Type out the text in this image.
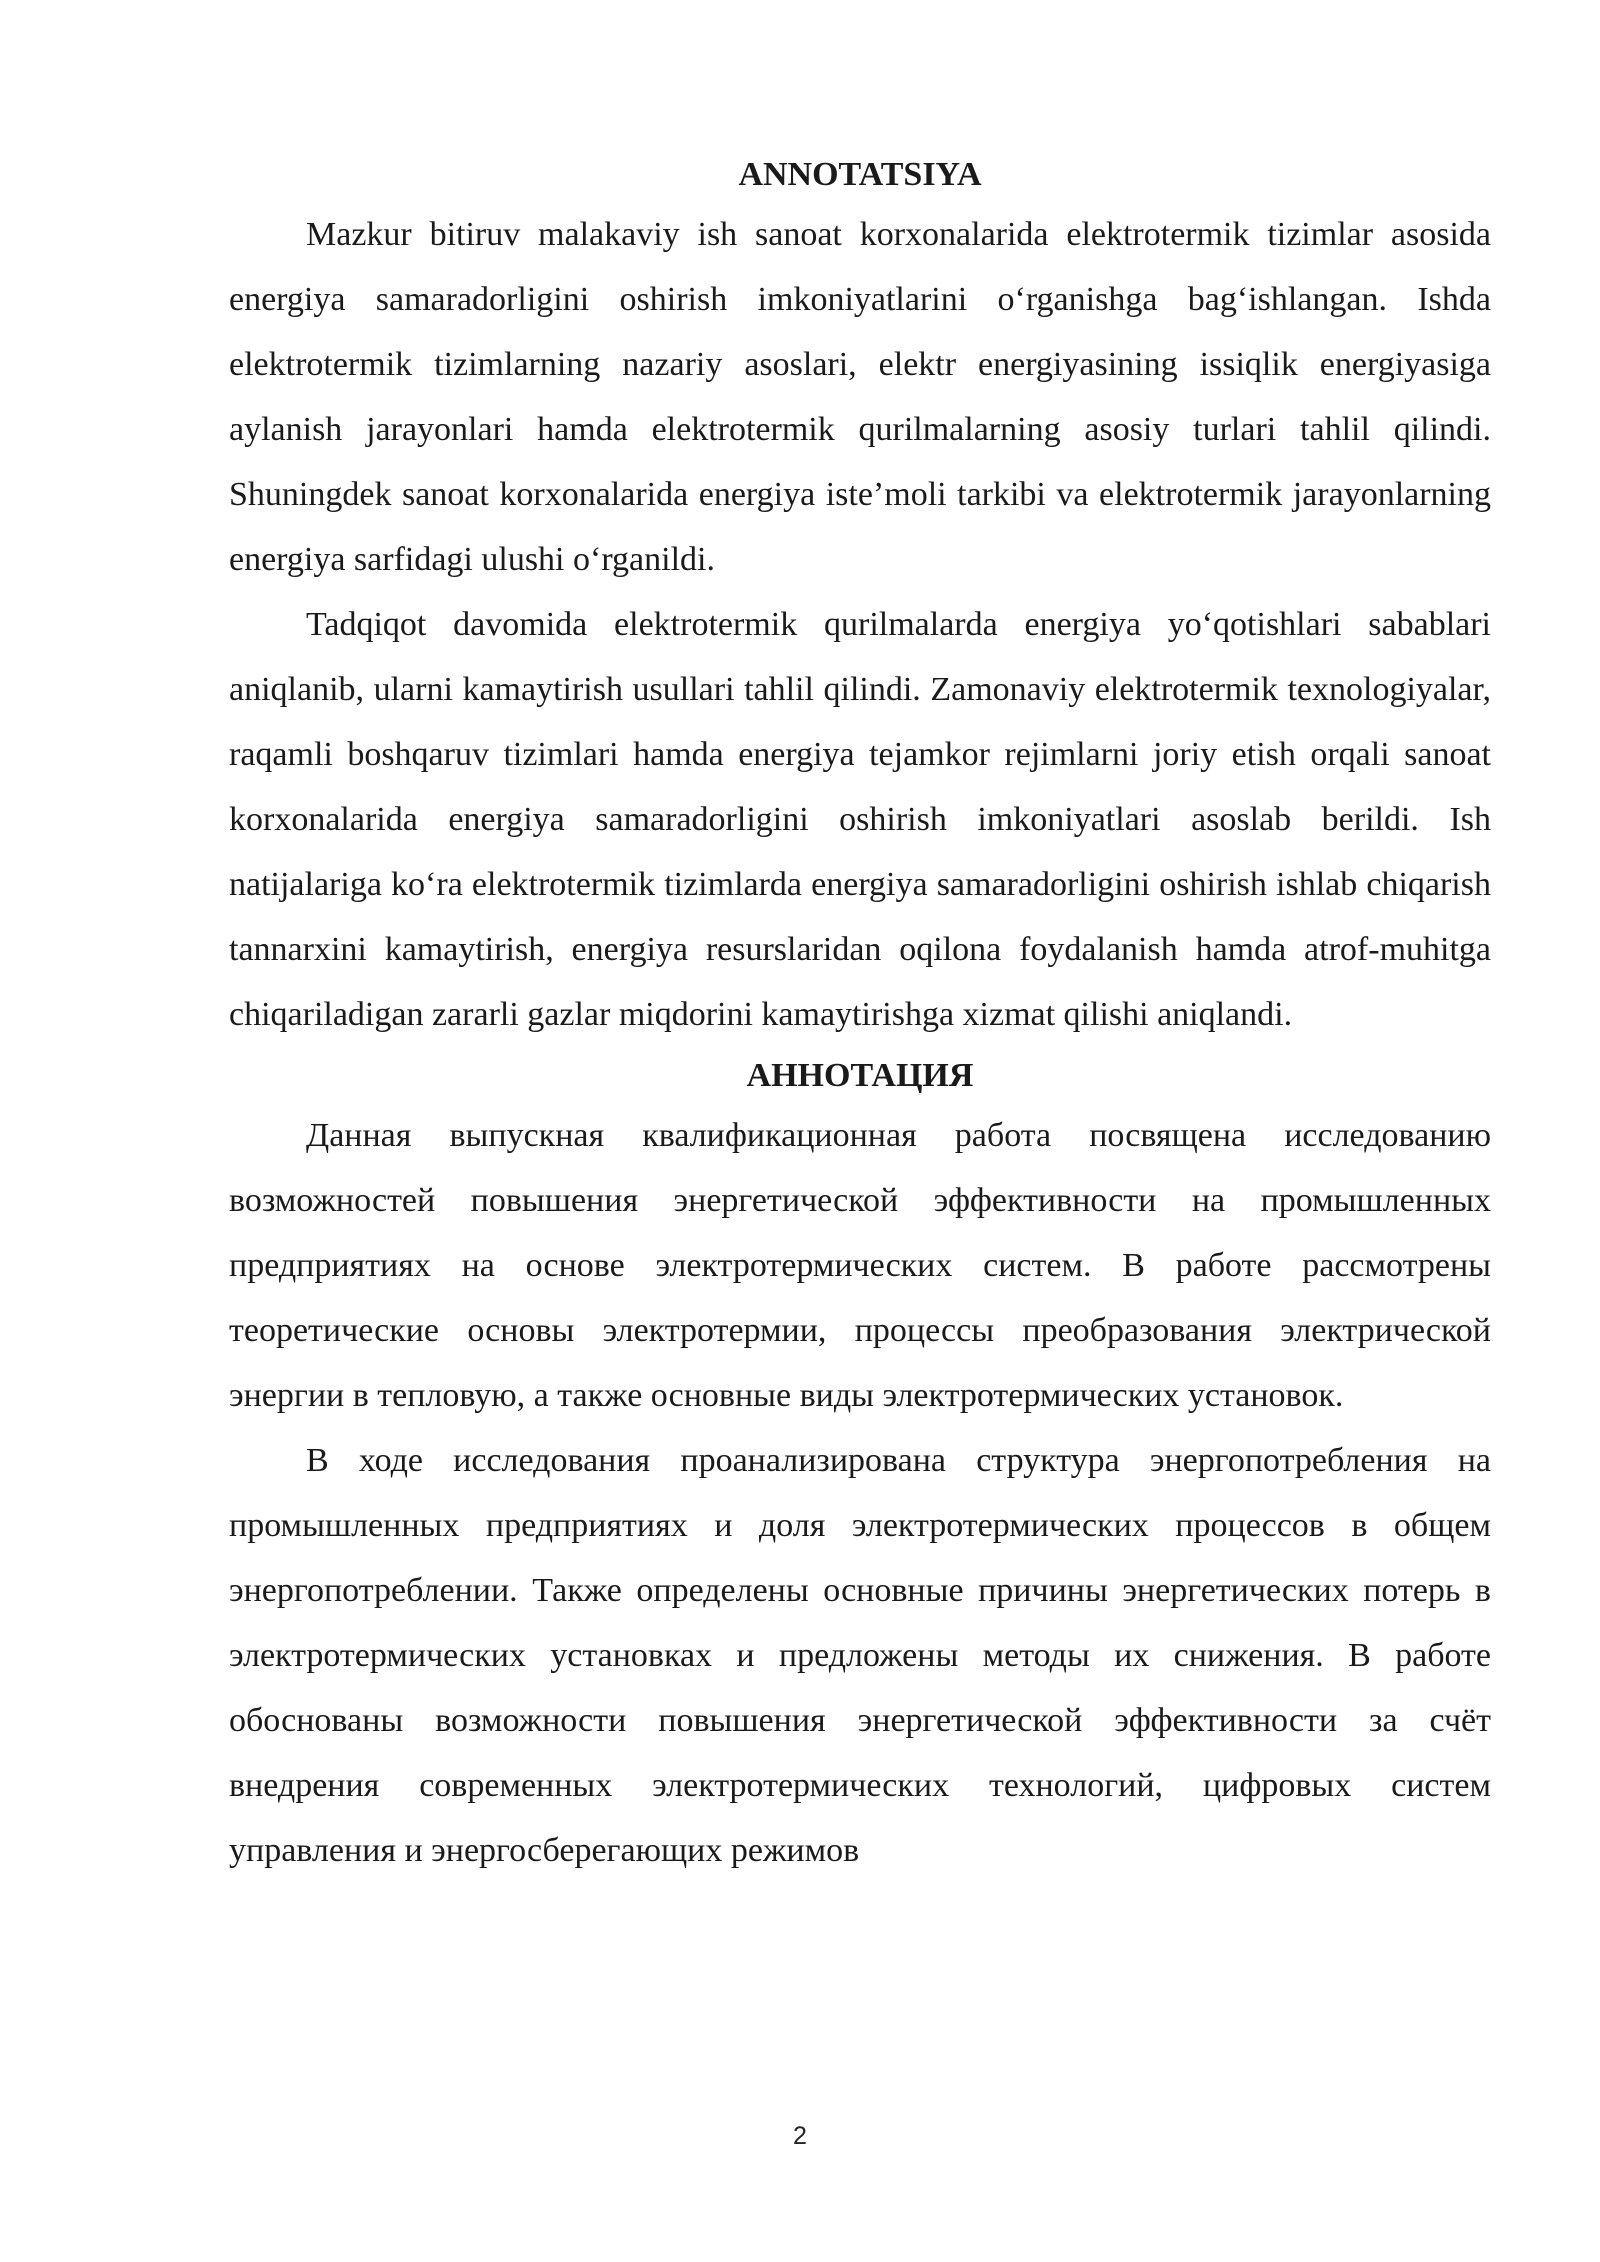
ANNOTATSIYA

Mazkur bitiruv malakaviy ish sanoat korxonalarida elektrotermik tizimlar asosida energiya samaradorligini oshirish imkoniyatlarini o‘rganishga bag‘ishlangan. Ishda elektrotermik tizimlarning nazariy asoslari, elektr energiyasining issiqlik energiyasiga aylanish jarayonlari hamda elektrotermik qurilmalarning asosiy turlari tahlil qilindi. Shuningdek sanoat korxonalarida energiya iste’moli tarkibi va elektrotermik jarayonlarning energiya sarfidagi ulushi o‘rganildi.

Tadqiqot davomida elektrotermik qurilmalarda energiya yo‘qotishlari sabablari aniqlanib, ularni kamaytirish usullari tahlil qilindi. Zamonaviy elektrotermik texnologiyalar, raqamli boshqaruv tizimlari hamda energiya tejamkor rejimlarni joriy etish orqali sanoat korxonalarida energiya samaradorligini oshirish imkoniyatlari asoslab berildi. Ish natijalariga ko‘ra elektrotermik tizimlarda energiya samaradorligini oshirish ishlab chiqarish tannarxini kamaytirish, energiya resurslaridan oqilona foydalanish hamda atrof-muhitga chiqariladigan zararli gazlar miqdorini kamaytirishga xizmat qilishi aniqlandi.

АННОТАЦИЯ

Данная выпускная квалификационная работа посвящена исследованию возможностей повышения энергетической эффективности на промышленных предприятиях на основе электротермических систем. В работе рассмотрены теоретические основы электротермии, процессы преобразования электрической энергии в тепловую, а также основные виды электротермических установок.

В ходе исследования проанализирована структура энергопотребления на промышленных предприятиях и доля электротермических процессов в общем энергопотреблении. Также определены основные причины энергетических потерь в электротермических установках и предложены методы их снижения. В работе обоснованы возможности повышения энергетической эффективности за счёт внедрения современных электротермических технологий, цифровых систем управления и энергосберегающих режимов

2
